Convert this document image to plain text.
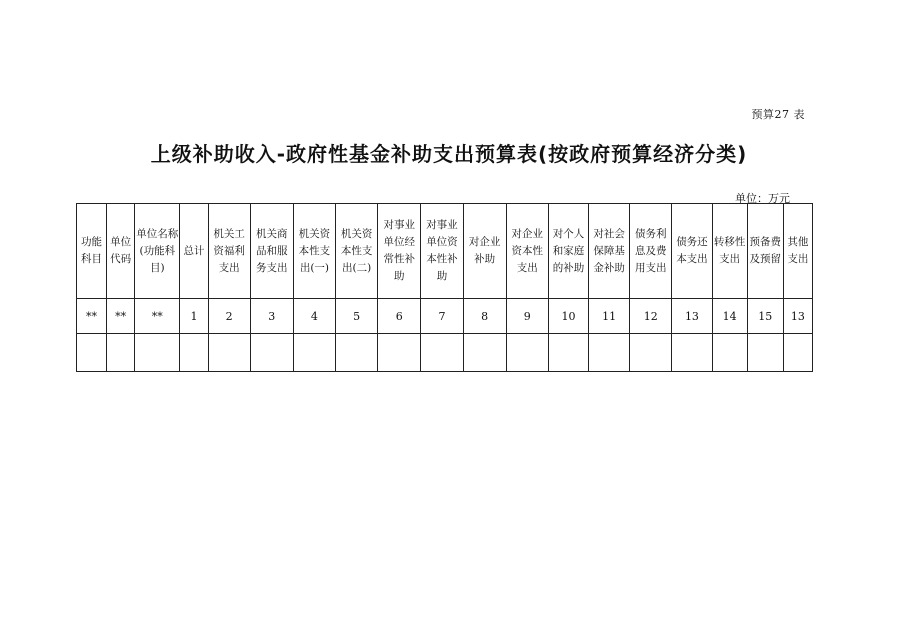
预算27 表
上级补助收入-政府性基金补助支出预算表(按政府预算经济分类)
单位：万元
功能科目	单位代码	单位名称(功能科目)	总计	机关工资福利支出	机关商品和服务支出	机关资本性支出(一)	机关资本性支出(二)	对事业单位经常性补助	对事业单位资本性补助	对企业补助	对企业资本性支出	对个人和家庭的补助	对社会保障基金补助	债务利息及费用支出	债务还本支出	转移性支出	预备费及预留	其他支出
**	**	**	1	2	3	4	5	6	7	8	9	10	11	12	13	14	15	13
